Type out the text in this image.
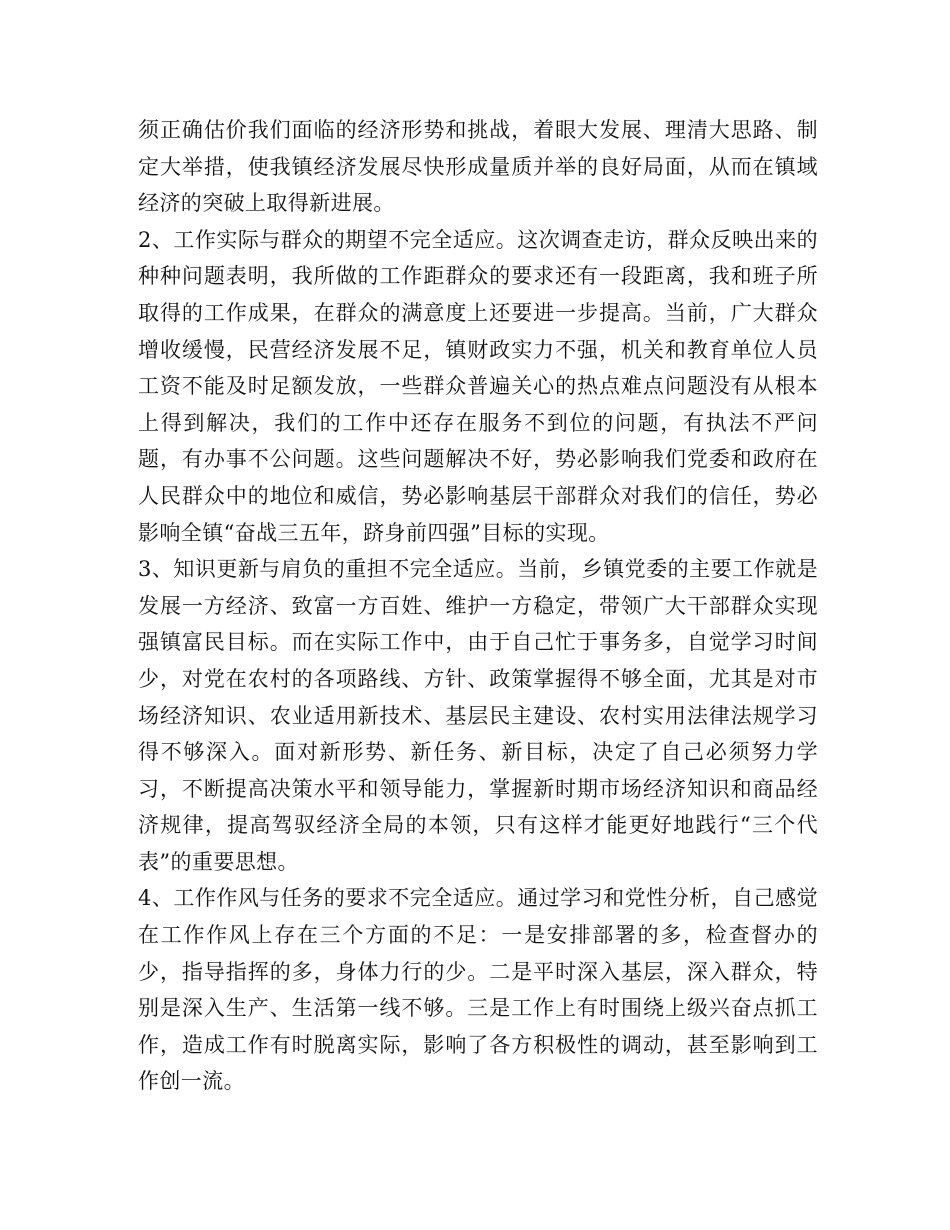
须正确估价我们面临的经济形势和挑战，着眼大发展、理清大思路、制定大举措，使我镇经济发展尽快形成量质并举的良好局面，从而在镇域经济的突破上取得新进展。

2、工作实际与群众的期望不完全适应。这次调查走访，群众反映出来的种种问题表明，我所做的工作距群众的要求还有一段距离，我和班子所取得的工作成果，在群众的满意度上还要进一步提高。当前，广大群众增收缓慢，民营经济发展不足，镇财政实力不强，机关和教育单位人员工资不能及时足额发放，一些群众普遍关心的热点难点问题没有从根本上得到解决，我们的工作中还存在服务不到位的问题，有执法不严问题，有办事不公问题。这些问题解决不好，势必影响我们党委和政府在人民群众中的地位和威信，势必影响基层干部群众对我们的信任，势必影响全镇“奋战三五年，跻身前四强”目标的实现。

3、知识更新与肩负的重担不完全适应。当前，乡镇党委的主要工作就是发展一方经济、致富一方百姓、维护一方稳定，带领广大干部群众实现强镇富民目标。而在实际工作中，由于自己忙于事务多，自觉学习时间少，对党在农村的各项路线、方针、政策掌握得不够全面，尤其是对市场经济知识、农业适用新技术、基层民主建设、农村实用法律法规学习得不够深入。面对新形势、新任务、新目标，决定了自己必须努力学习，不断提高决策水平和领导能力，掌握新时期市场经济知识和商品经济规律，提高驾驭经济全局的本领，只有这样才能更好地践行“三个代表”的重要思想。

4、工作作风与任务的要求不完全适应。通过学习和党性分析，自己感觉在工作作风上存在三个方面的不足：一是安排部署的多，检查督办的少，指导指挥的多，身体力行的少。二是平时深入基层，深入群众，特别是深入生产、生活第一线不够。三是工作上有时围绕上级兴奋点抓工作，造成工作有时脱离实际，影响了各方积极性的调动，甚至影响到工作创一流。
